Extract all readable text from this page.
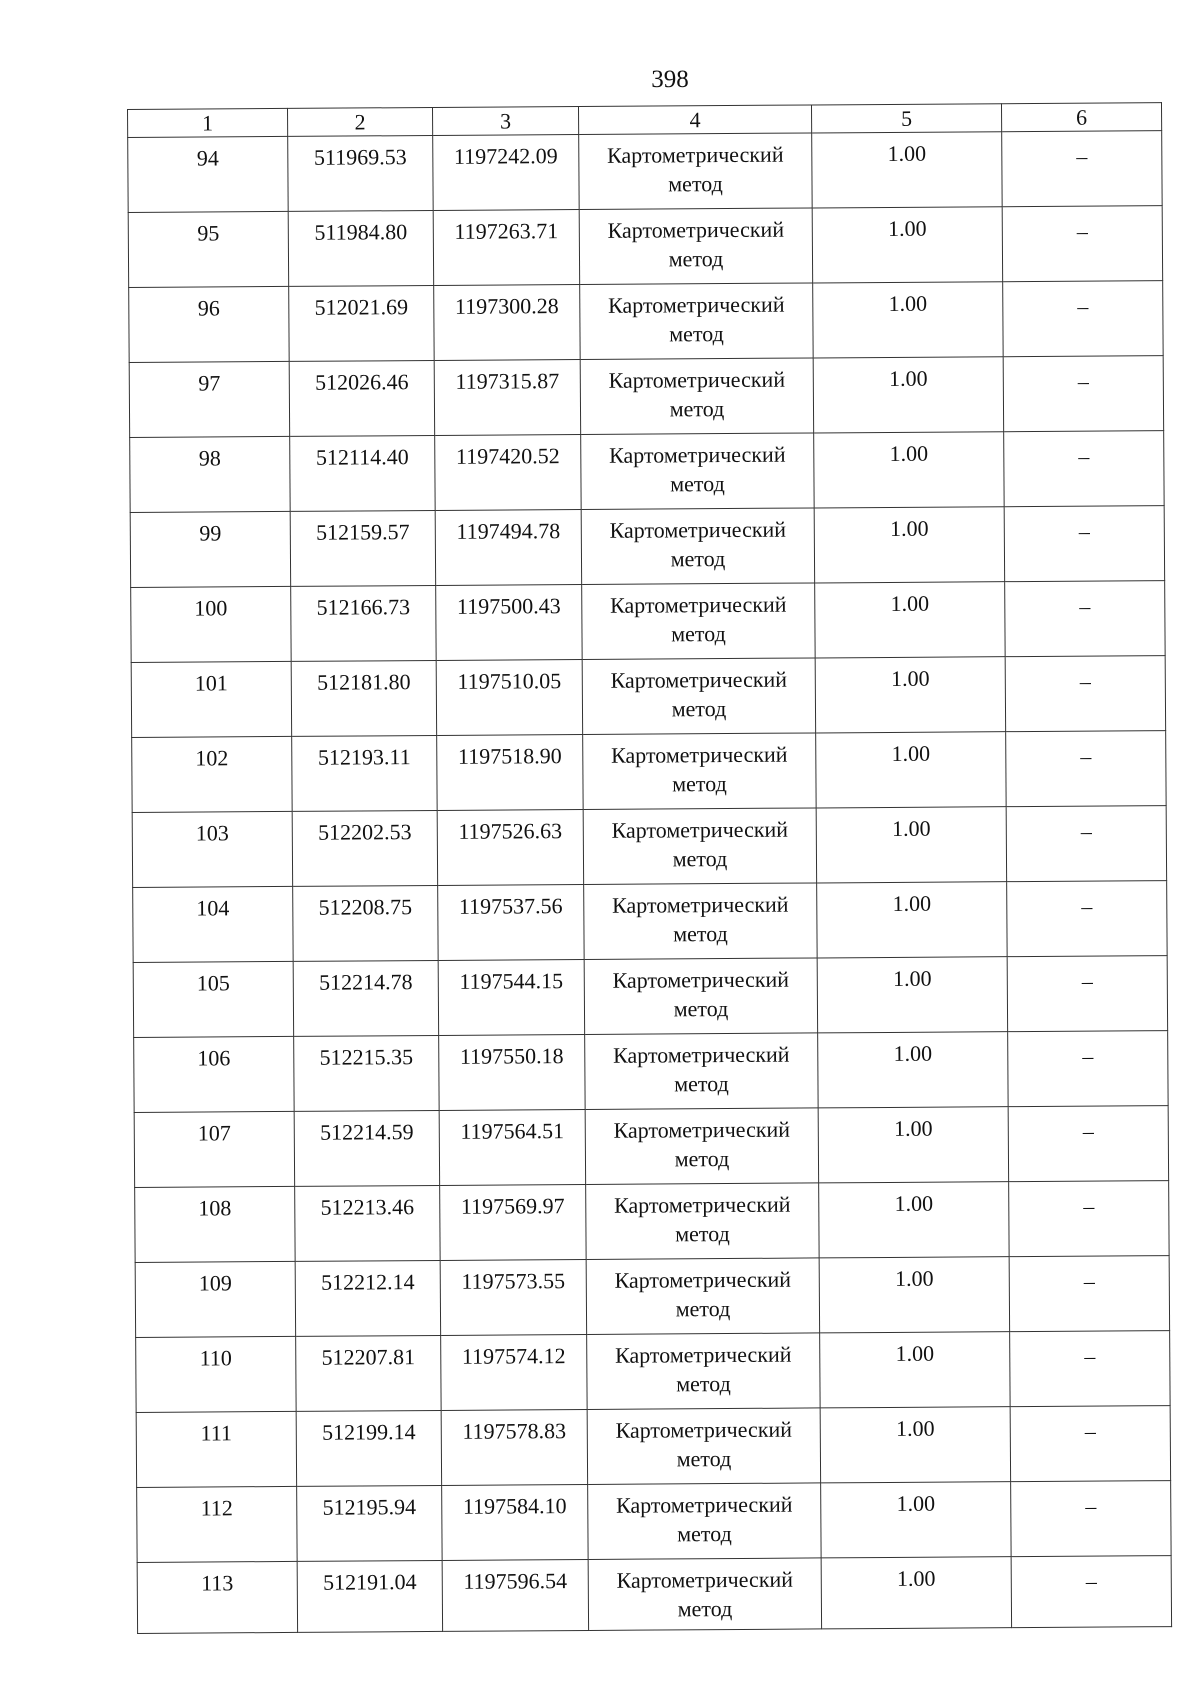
398
1	2	3	4	5	6
94	511969.53	1197242.09	Картометрический метод	1.00	–
95	511984.80	1197263.71	Картометрический метод	1.00	–
96	512021.69	1197300.28	Картометрический метод	1.00	–
97	512026.46	1197315.87	Картометрический метод	1.00	–
98	512114.40	1197420.52	Картометрический метод	1.00	–
99	512159.57	1197494.78	Картометрический метод	1.00	–
100	512166.73	1197500.43	Картометрический метод	1.00	–
101	512181.80	1197510.05	Картометрический метод	1.00	–
102	512193.11	1197518.90	Картометрический метод	1.00	–
103	512202.53	1197526.63	Картометрический метод	1.00	–
104	512208.75	1197537.56	Картометрический метод	1.00	–
105	512214.78	1197544.15	Картометрический метод	1.00	–
106	512215.35	1197550.18	Картометрический метод	1.00	–
107	512214.59	1197564.51	Картометрический метод	1.00	–
108	512213.46	1197569.97	Картометрический метод	1.00	–
109	512212.14	1197573.55	Картометрический метод	1.00	–
110	512207.81	1197574.12	Картометрический метод	1.00	–
111	512199.14	1197578.83	Картометрический метод	1.00	–
112	512195.94	1197584.10	Картометрический метод	1.00	–
113	512191.04	1197596.54	Картометрический метод	1.00	–
